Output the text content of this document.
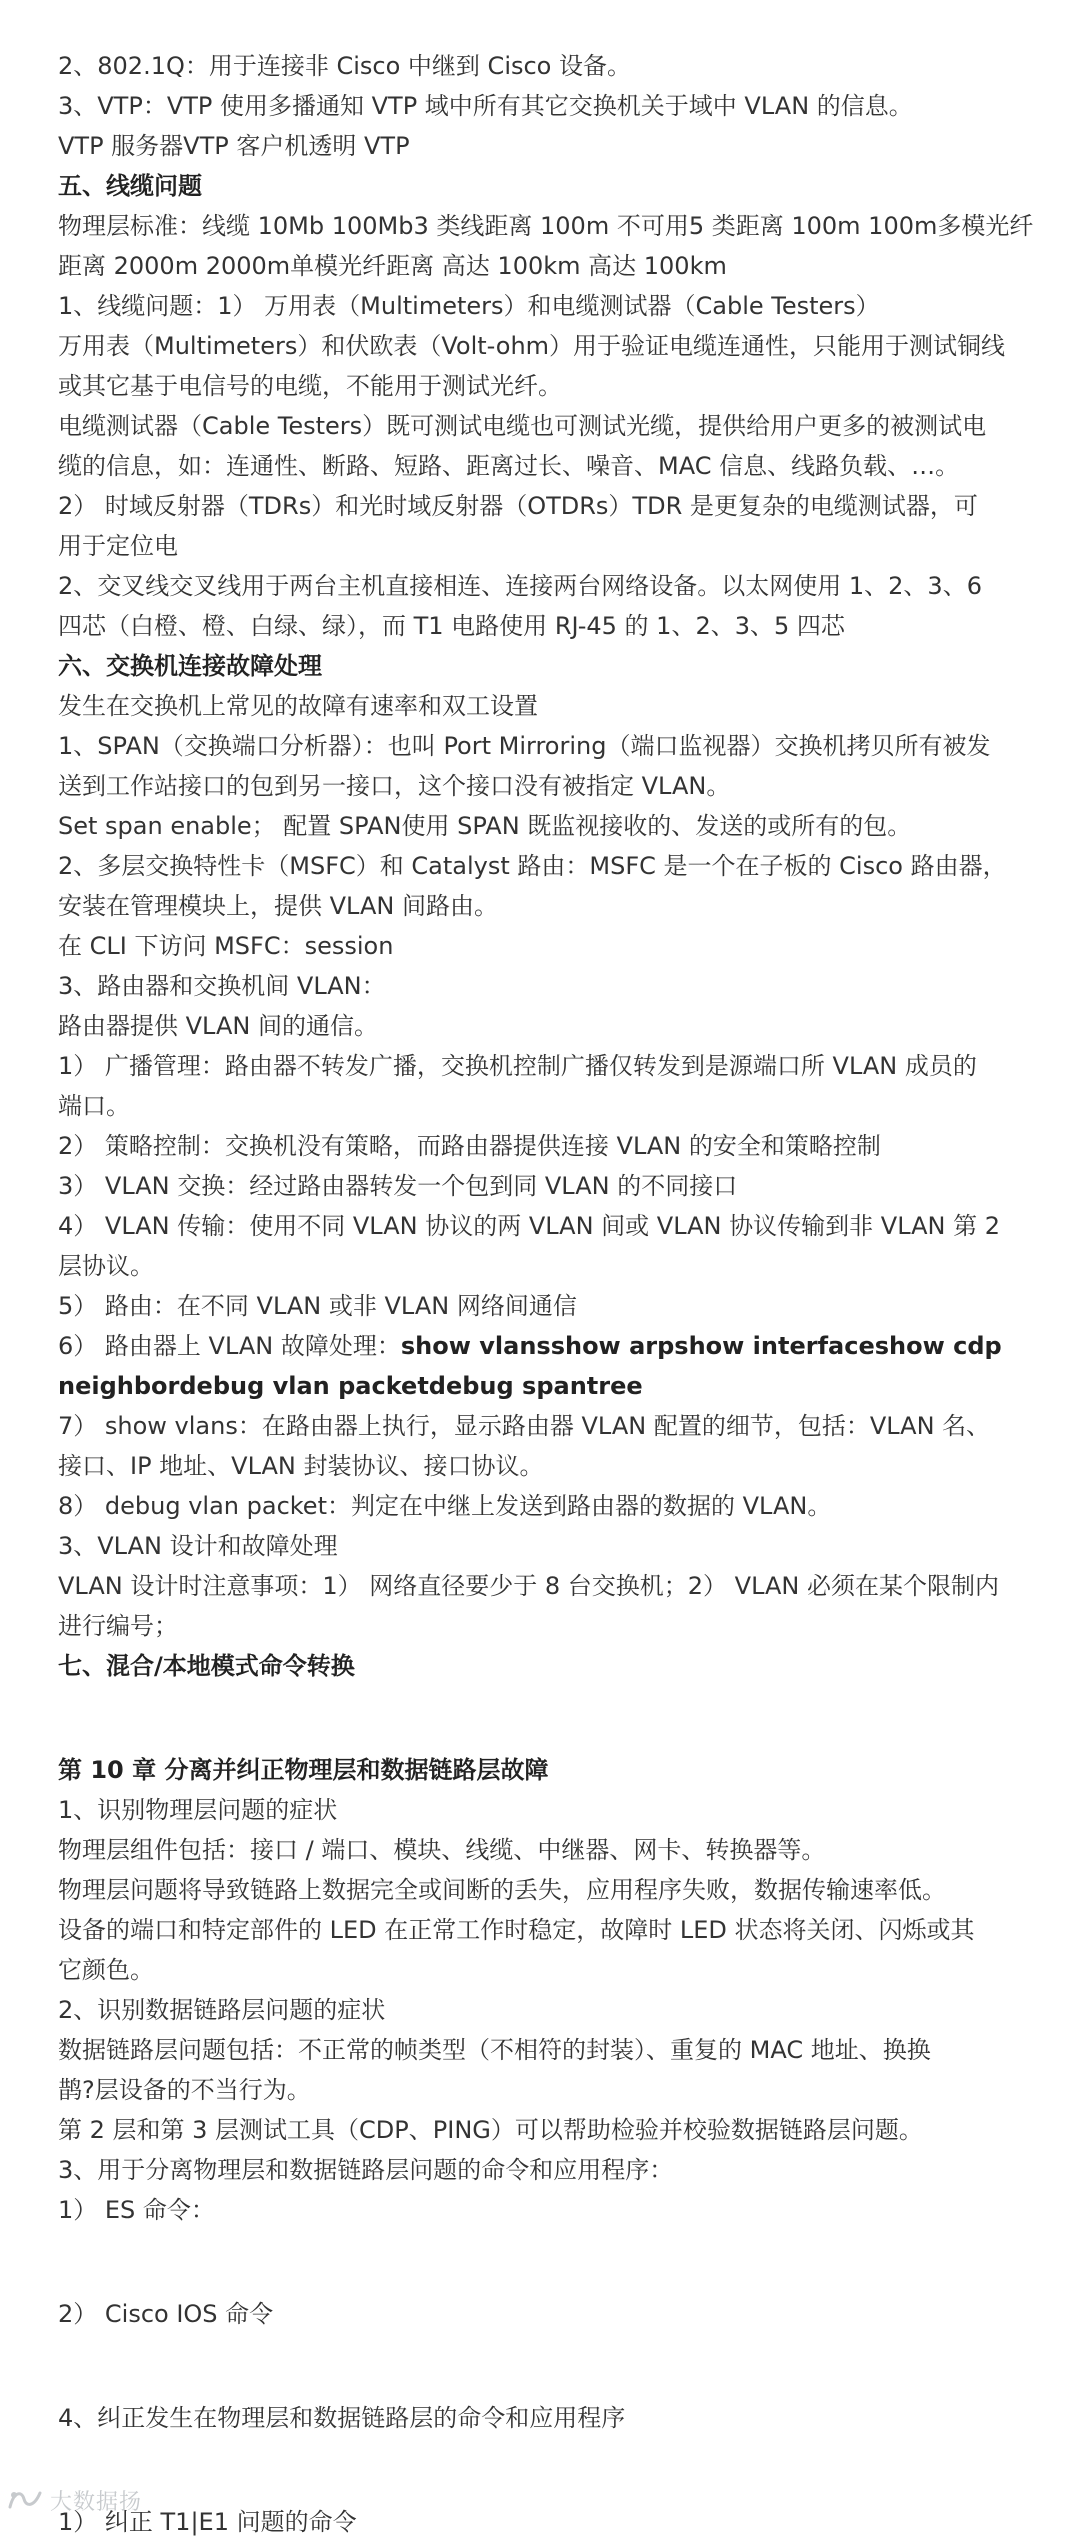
2、802.1Q：用于连接非 Cisco 中继到 Cisco 设备。
3、VTP：VTP 使用多播通知 VTP 域中所有其它交换机关于域中 VLAN 的信息。
VTP 服务器VTP 客户机透明 VTP
五、线缆问题
物理层标准：线缆 10Mb 100Mb3 类线距离 100m 不可用5 类距离 100m 100m多模光纤
距离 2000m 2000m单模光纤距离 高达 100km 高达 100km
1、线缆问题：1） 万用表（Multimeters）和电缆测试器（Cable Testers）
万用表（Multimeters）和伏欧表（Volt-ohm）用于验证电缆连通性，只能用于测试铜线
或其它基于电信号的电缆，不能用于测试光纤。
电缆测试器（Cable Testers）既可测试电缆也可测试光缆，提供给用户更多的被测试电
缆的信息，如：连通性、断路、短路、距离过长、噪音、MAC 信息、线路负载、…。
2） 时域反射器（TDRs）和光时域反射器（OTDRs）TDR 是更复杂的电缆测试器，可
用于定位电
2、交叉线交叉线用于两台主机直接相连、连接两台网络设备。以太网使用 1、2、3、6
四芯（白橙、橙、白绿、绿），而 T1 电路使用 RJ-45 的 1、2、3、5 四芯
六、交换机连接故障处理
发生在交换机上常见的故障有速率和双工设置
1、SPAN（交换端口分析器）：也叫 Port Mirroring（端口监视器）交换机拷贝所有被发
送到工作站接口的包到另一接口，这个接口没有被指定 VLAN。
Set span enable； 配置 SPAN使用 SPAN 既监视接收的、发送的或所有的包。
2、多层交换特性卡（MSFC）和 Catalyst 路由：MSFC 是一个在子板的 Cisco 路由器，
安装在管理模块上，提供 VLAN 间路由。
在 CLI 下访问 MSFC：session
3、路由器和交换机间 VLAN：
路由器提供 VLAN 间的通信。
1） 广播管理：路由器不转发广播，交换机控制广播仅转发到是源端口所 VLAN 成员的
端口。
2） 策略控制：交换机没有策略，而路由器提供连接 VLAN 的安全和策略控制
3） VLAN 交换：经过路由器转发一个包到同 VLAN 的不同接口
4） VLAN 传输：使用不同 VLAN 协议的两 VLAN 间或 VLAN 协议传输到非 VLAN 第 2
层协议。
5） 路由：在不同 VLAN 或非 VLAN 网络间通信
6） 路由器上 VLAN 故障处理：show vlansshow arpshow interfaceshow cdp
neighbordebug vlan packetdebug spantree
7） show vlans：在路由器上执行，显示路由器 VLAN 配置的细节，包括：VLAN 名、
接口、IP 地址、VLAN 封装协议、接口协议。
8） debug vlan packet：判定在中继上发送到路由器的数据的 VLAN。
3、VLAN 设计和故障处理
VLAN 设计时注意事项：1） 网络直径要少于 8 台交换机；2） VLAN 必须在某个限制内
进行编号；
七、混合/本地模式命令转换
第 10 章 分离并纠正物理层和数据链路层故障
1、识别物理层问题的症状
物理层组件包括：接口 / 端口、模块、线缆、中继器、网卡、转换器等。
物理层问题将导致链路上数据完全或间断的丢失，应用程序失败，数据传输速率低。
设备的端口和特定部件的 LED 在正常工作时稳定，故障时 LED 状态将关闭、闪烁或其
它颜色。
2、识别数据链路层问题的症状
数据链路层问题包括：不正常的帧类型（不相符的封装）、重复的 MAC 地址、换换
鹊?层设备的不当行为。
第 2 层和第 3 层测试工具（CDP、PING）可以帮助检验并校验数据链路层问题。
3、用于分离物理层和数据链路层问题的命令和应用程序：
1） ES 命令：
2） Cisco IOS 命令
4、纠正发生在物理层和数据链路层的命令和应用程序
1） 纠正 T1|E1 问题的命令
大数据扬
